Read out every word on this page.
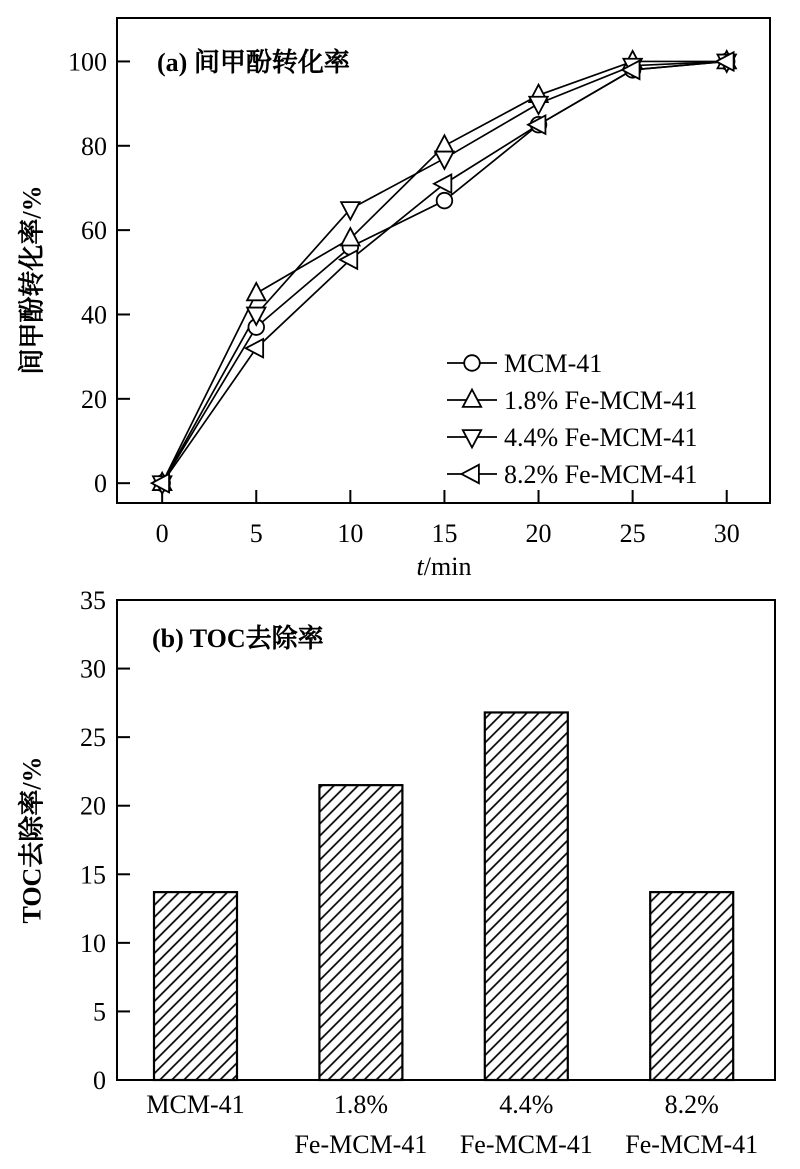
0
20
40
60
80
100
0	5	10	15	20	25	30
MCM-41
1.8% Fe-MCM-41
4.4% Fe-MCM-41
8.2% Fe-MCM-41
0
5
10
15
20
25
30
35
MCM-41	1.8%
Fe-MCM-41
4.4%
Fe-MCM-41
8.2%
Fe-MCM-41
(a) 间甲酚转化率
(b) TOC去除率
间甲酚转化率/%
TOC去除率/%
t/min
